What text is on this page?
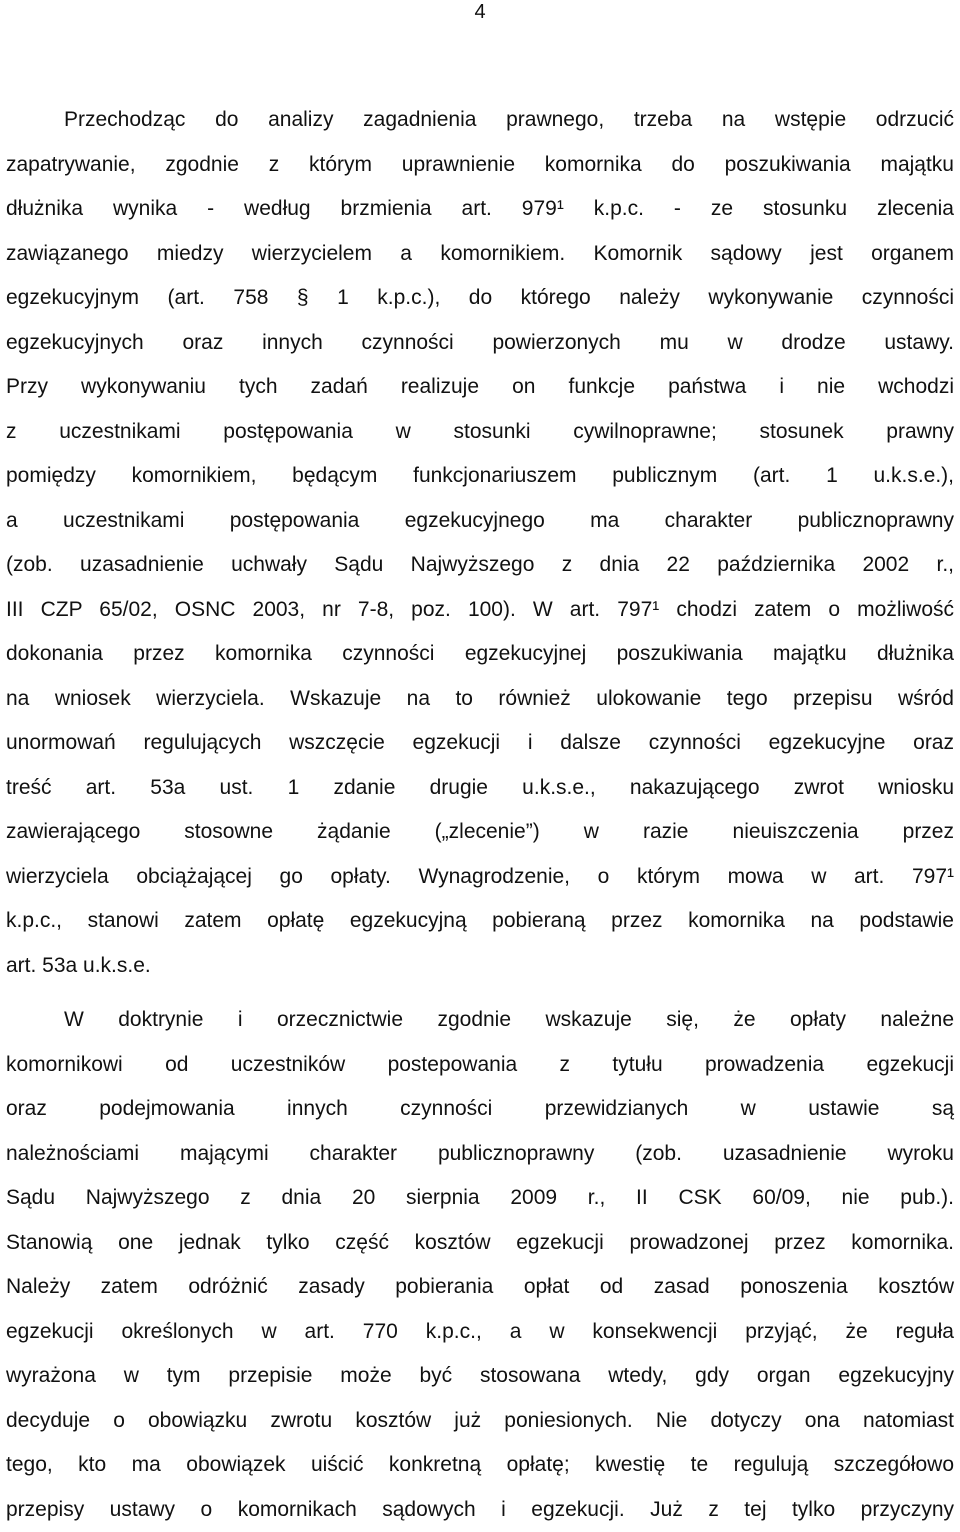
4
Przechodząc do analizy zagadnienia prawnego, trzeba na wstępie odrzucić
zapatrywanie, zgodnie z którym uprawnienie komornika do poszukiwania majątku
dłużnika wynika - według brzmienia art. 979¹ k.p.c. - ze stosunku zlecenia
zawiązanego miedzy wierzycielem a komornikiem. Komornik sądowy jest organem
egzekucyjnym (art. 758 § 1 k.p.c.), do którego należy wykonywanie czynności
egzekucyjnych oraz innych czynności powierzonych mu w drodze ustawy.
Przy wykonywaniu tych zadań realizuje on funkcje państwa i nie wchodzi
z uczestnikami postępowania w stosunki cywilnoprawne; stosunek prawny
pomiędzy komornikiem, będącym funkcjonariuszem publicznym (art. 1 u.k.s.e.),
a uczestnikami postępowania egzekucyjnego ma charakter publicznoprawny
(zob. uzasadnienie uchwały Sądu Najwyższego z dnia 22 października 2002 r.,
III CZP 65/02, OSNC 2003, nr 7-8, poz. 100). W art. 797¹ chodzi zatem o możliwość
dokonania przez komornika czynności egzekucyjnej poszukiwania majątku dłużnika
na wniosek wierzyciela. Wskazuje na to również ulokowanie tego przepisu wśród
unormowań regulujących wszczęcie egzekucji i dalsze czynności egzekucyjne oraz
treść art. 53a ust. 1 zdanie drugie u.k.s.e., nakazującego zwrot wniosku
zawierającego stosowne żądanie („zlecenie”) w razie nieuiszczenia przez
wierzyciela obciążającej go opłaty. Wynagrodzenie, o którym mowa w art. 797¹
k.p.c., stanowi zatem opłatę egzekucyjną pobieraną przez komornika na podstawie
art. 53a u.k.s.e.
W doktrynie i orzecznictwie zgodnie wskazuje się, że opłaty należne
komornikowi od uczestników postepowania z tytułu prowadzenia egzekucji
oraz podejmowania innych czynności przewidzianych w ustawie są
należnościami mającymi charakter publicznoprawny (zob. uzasadnienie wyroku
Sądu Najwyższego z dnia 20 sierpnia 2009 r., II CSK 60/09, nie pub.).
Stanowią one jednak tylko część kosztów egzekucji prowadzonej przez komornika.
Należy zatem odróżnić zasady pobierania opłat od zasad ponoszenia kosztów
egzekucji określonych w art. 770 k.p.c., a w konsekwencji przyjąć, że reguła
wyrażona w tym przepisie może być stosowana wtedy, gdy organ egzekucyjny
decyduje o obowiązku zwrotu kosztów już poniesionych. Nie dotyczy ona natomiast
tego, kto ma obowiązek uiścić konkretną opłatę; kwestię te regulują szczegółowo
przepisy ustawy o komornikach sądowych i egzekucji. Już z tej tylko przyczyny
